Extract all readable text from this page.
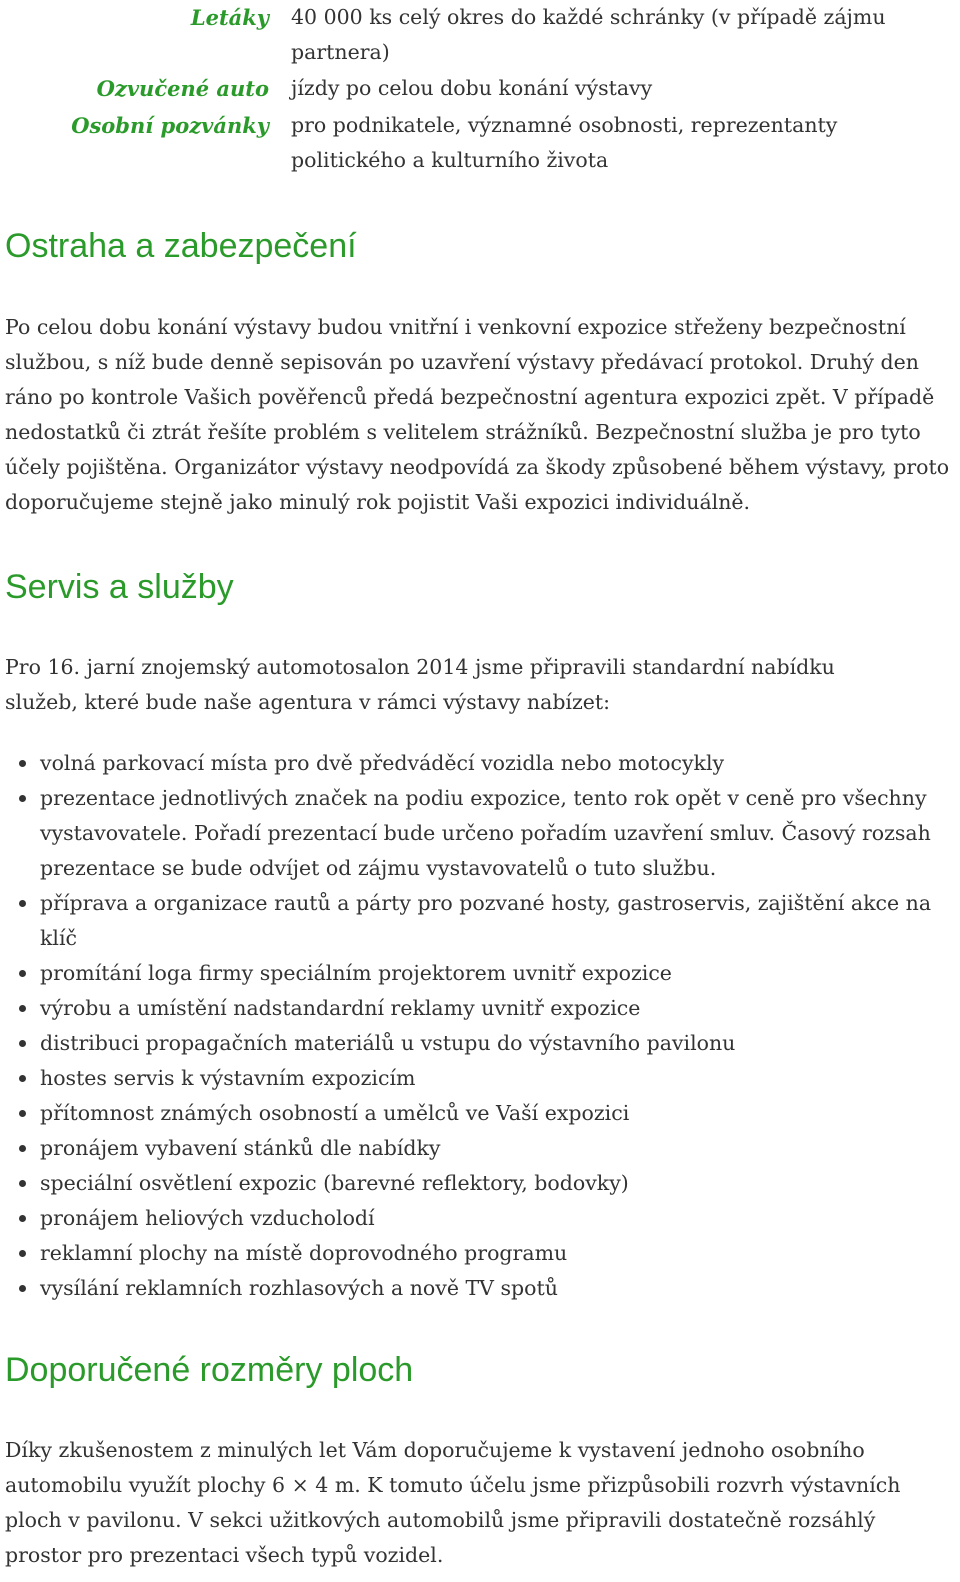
Letáky 40 000 ks celý okres do každé schránky (v případě zájmu partnera)
Ozvučené auto jízdy po celou dobu konání výstavy
Osobní pozvánky pro podnikatele, významné osobnosti, reprezentanty politického a kulturního života
Ostraha a zabezpečení

Po celou dobu konání výstavy budou vnitřní i venkovní expozice střeženy bezpečnostní službou, s níž bude denně sepisován po uzavření výstavy předávací protokol. Druhý den ráno po kontrole Vašich pověřenců předá bezpečnostní agentura expozici zpět. V případě nedostatků či ztrát řešíte problém s velitelem strážníků. Bezpečnostní služba je pro tyto účely pojištěna. Organizátor výstavy neodpovídá za škody způsobené během výstavy, proto doporučujeme stejně jako minulý rok pojistit Vaši expozici individuálně.

Servis a služby

Pro 16. jarní znojemský automotosalon 2014 jsme připravili standardní nabídku služeb, které bude naše agentura v rámci výstavy nabízet:

volná parkovací místa pro dvě předváděcí vozidla nebo motocykly
prezentace jednotlivých značek na podiu expozice, tento rok opět v ceně pro všechny vystavovatele. Pořadí prezentací bude určeno pořadím uzavření smluv. Časový rozsah prezentace se bude odvíjet od zájmu vystavovatelů o tuto službu.
příprava a organizace rautů a párty pro pozvané hosty, gastroservis, zajištění akce na klíč
promítání loga firmy speciálním projektorem uvnitř expozice
výrobu a umístění nadstandardní reklamy uvnitř expozice
distribuci propagačních materiálů u vstupu do výstavního pavilonu
hostes servis k výstavním expozicím
přítomnost známých osobností a umělců ve Vaší expozici
pronájem vybavení stánků dle nabídky
speciální osvětlení expozic (barevné reflektory, bodovky)
pronájem heliových vzducholodí
reklamní plochy na místě doprovodného programu
vysílání reklamních rozhlasových a nově TV spotů
Doporučené rozměry ploch

Díky zkušenostem z minulých let Vám doporučujeme k vystavení jednoho osobního automobilu využít plochy 6 × 4 m. K tomuto účelu jsme přizpůsobili rozvrh výstavních ploch v pavilonu. V sekci užitkových automobilů jsme připravili dostatečně rozsáhlý prostor pro prezentaci všech typů vozidel.
